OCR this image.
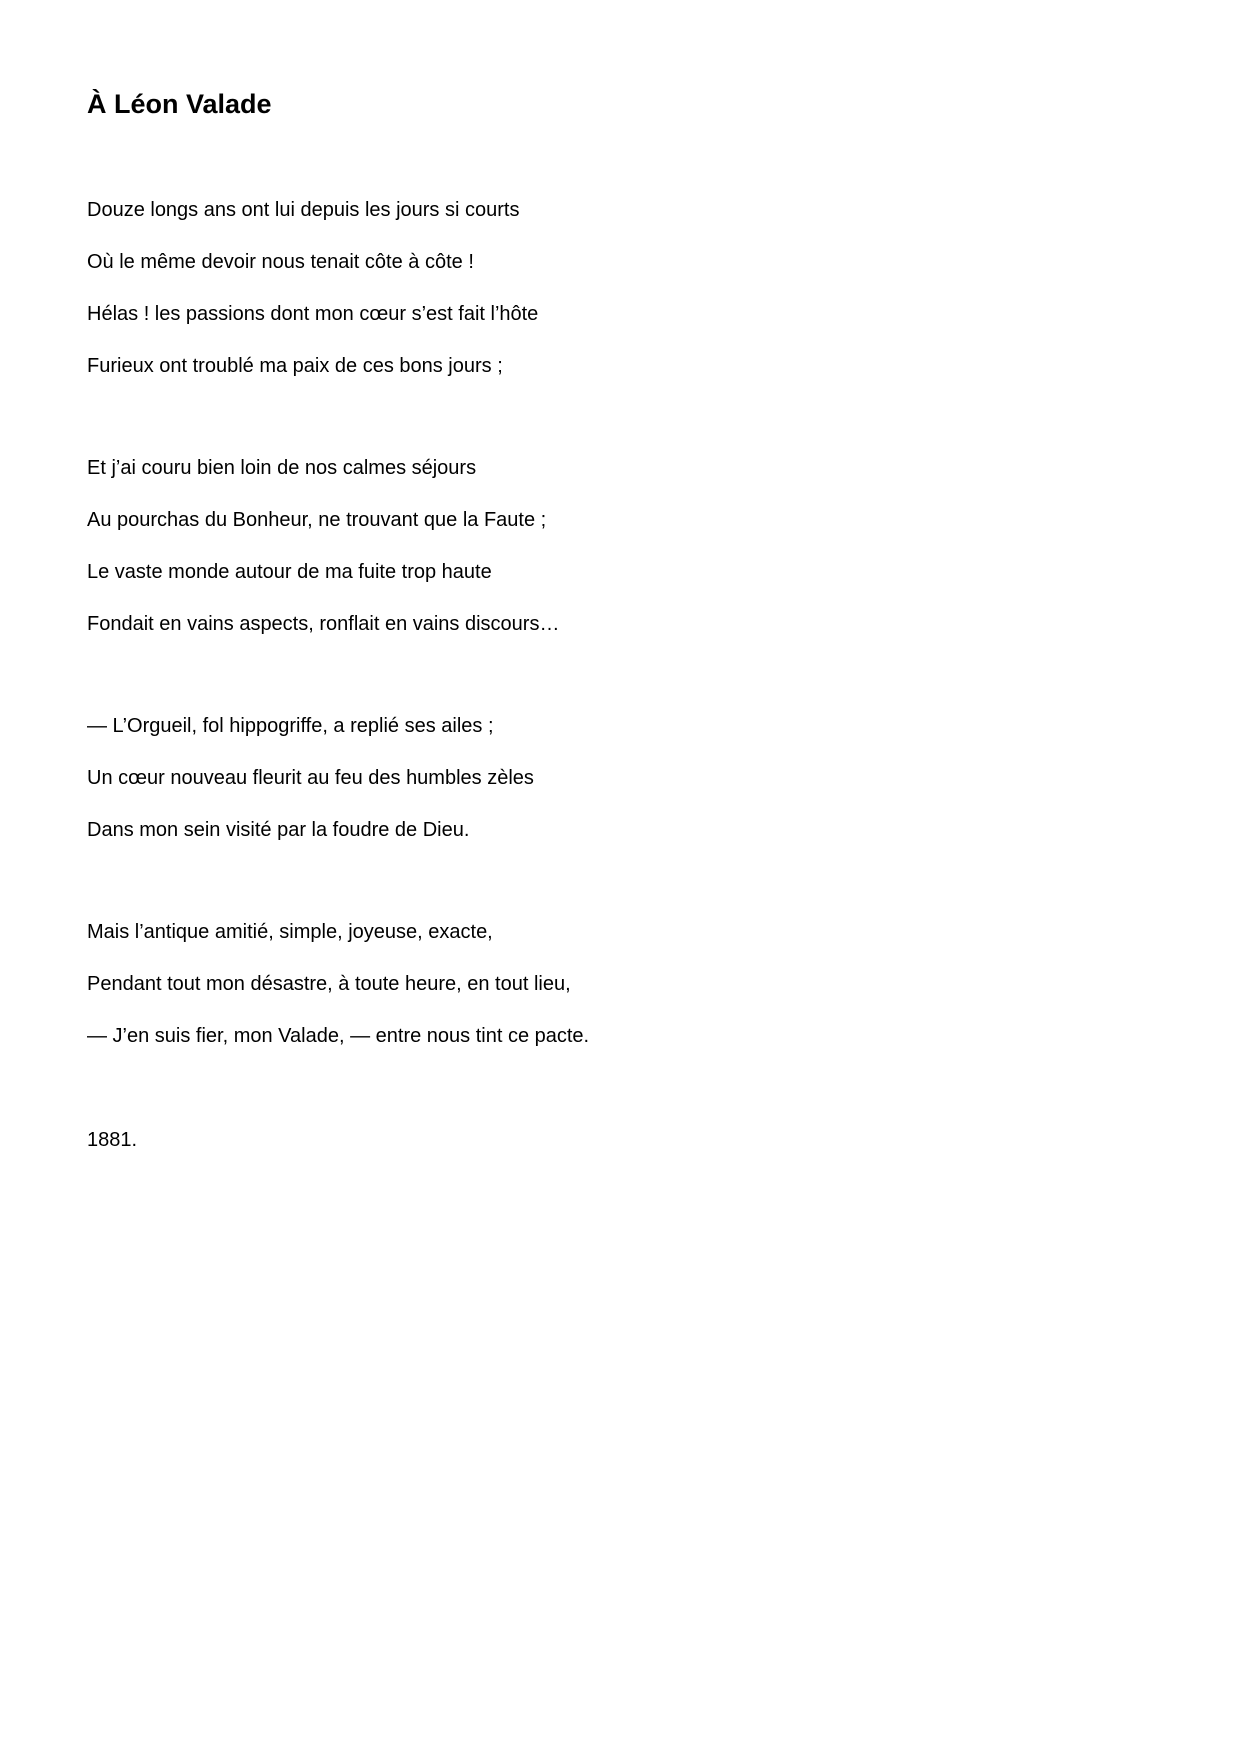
À Léon Valade

Douze longs ans ont lui depuis les jours si courts

Où le même devoir nous tenait côte à côte !

Hélas ! les passions dont mon cœur s’est fait l’hôte

Furieux ont troublé ma paix de ces bons jours ;

Et j’ai couru bien loin de nos calmes séjours

Au pourchas du Bonheur, ne trouvant que la Faute ;

Le vaste monde autour de ma fuite trop haute

Fondait en vains aspects, ronflait en vains discours…

— L’Orgueil, fol hippogriffe, a replié ses ailes ;

Un cœur nouveau fleurit au feu des humbles zèles

Dans mon sein visité par la foudre de Dieu.

Mais l’antique amitié, simple, joyeuse, exacte,

Pendant tout mon désastre, à toute heure, en tout lieu,

— J’en suis fier, mon Valade, — entre nous tint ce pacte.

1881.
